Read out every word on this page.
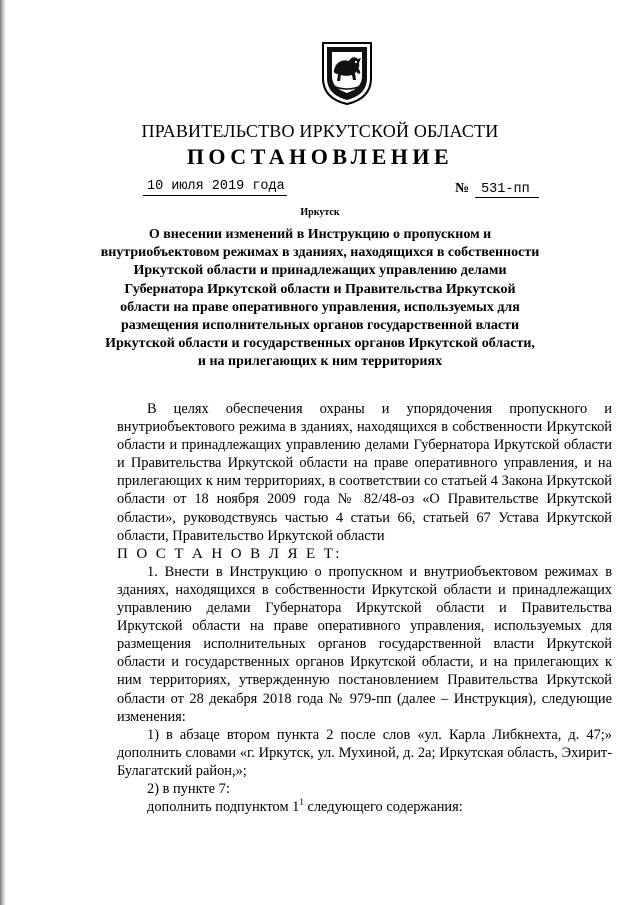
ПРАВИТЕЛЬСТВО ИРКУТСКОЙ ОБЛАСТИ
ПОСТАНОВЛЕНИЕ
10 июля 2019 года	№ 531-пп
Иркутск
О внесении изменений в Инструкцию о пропускном и внутриобъектовом режимах в зданиях, находящихся в собственности Иркутской области и принадлежащих управлению делами Губернатора Иркутской области и Правительства Иркутской области на праве оперативного управления, используемых для размещения исполнительных органов государственной власти Иркутской области и государственных органов Иркутской области, и на прилегающих к ним территориях

В целях обеспечения охраны и упорядочения пропускного и внутриобъектового режима в зданиях, находящихся в собственности Иркутской области и принадлежащих управлению делами Губернатора Иркутской области и Правительства Иркутской области на праве оперативного управления, и на прилегающих к ним территориях, в соответствии со статьей 4 Закона Иркутской области от 18 ноября 2009 года № 82/48-оз «О Правительстве Иркутской области», руководствуясь частью 4 статьи 66, статьей 67 Устава Иркутской области, Правительство Иркутской области

П О С Т А Н О В Л Я Е Т:

1. Внести в Инструкцию о пропускном и внутриобъектовом режимах в зданиях, находящихся в собственности Иркутской области и принадлежащих управлению делами Губернатора Иркутской области и Правительства Иркутской области на праве оперативного управления, используемых для размещения исполнительных органов государственной власти Иркутской области и государственных органов Иркутской области, и на прилегающих к ним территориях, утвержденную постановлением Правительства Иркутской области от 28 декабря 2018 года № 979-пп (далее – Инструкция), следующие изменения:

1) в абзаце втором пункта 2 после слов «ул. Карла Либкнехта, д. 47;» дополнить словами «г. Иркутск, ул. Мухиной, д. 2а; Иркутская область, Эхирит-Булагатский район,»;

2) в пункте 7:

дополнить подпунктом $1^1$ следующего содержания:
